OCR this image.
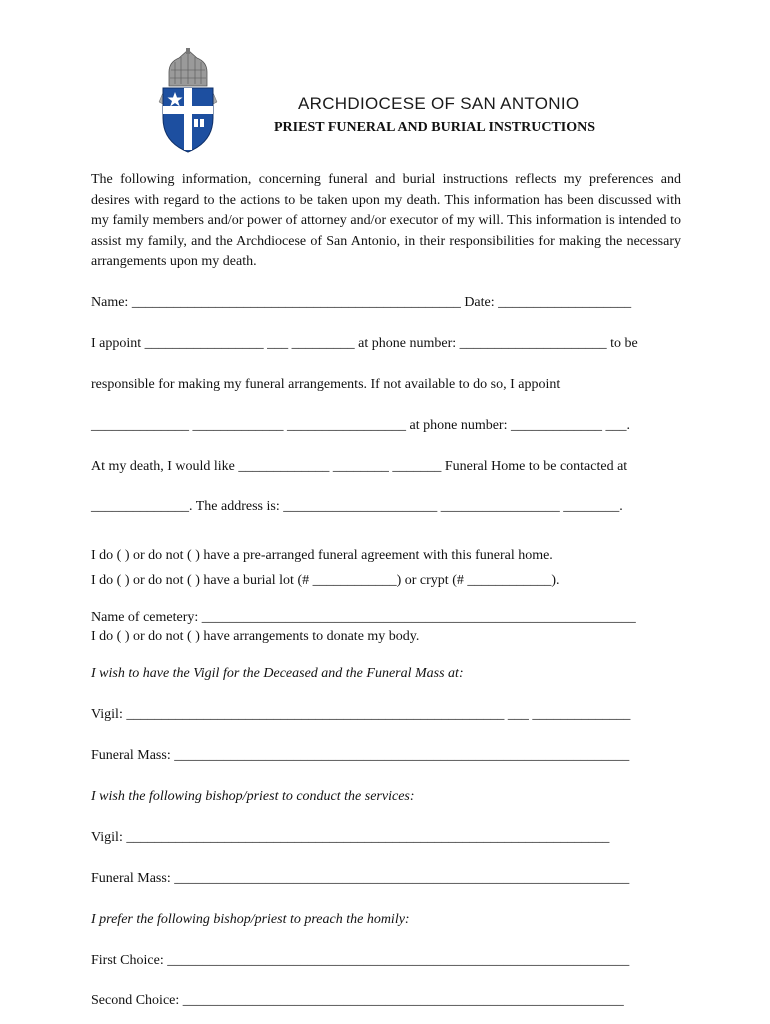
ARCHDIOCESE OF SAN ANTONIO
PRIEST FUNERAL AND BURIAL INSTRUCTIONS
The following information, concerning funeral and burial instructions reflects my preferences and desires with regard to the actions to be taken upon my death. This information has been discussed with my family members and/or power of attorney and/or executor of my will. This information is intended to assist my family, and the Archdiocese of San Antonio, in their responsibilities for making the necessary arrangements upon my death.
Name: _______________________________________________ Date: ___________________
I appoint _________________ ___ _________ at phone number: _____________________ to be
responsible for making my funeral arrangements. If not available to do so, I appoint
______________ _____________ _________________ at phone number: _____________ ___.
At my death, I would like _____________ ________ _______ Funeral Home to be contacted at
______________. The address is: ______________________ _________________ ________.
I do ( ) or do not ( ) have a pre-arranged funeral agreement with this funeral home.
I do ( ) or do not ( ) have a burial lot (# ____________) or crypt (# ____________).
Name of cemetery: ______________________________________________________________
I do ( ) or do not ( ) have arrangements to donate my body.
I wish to have the Vigil for the Deceased and the Funeral Mass at:
Vigil: ______________________________________________________ ___ ______________
Funeral Mass: _________________________________________________________________
I wish the following bishop/priest to conduct the services:
Vigil: _____________________________________________________________________
Funeral Mass: _________________________________________________________________
I prefer the following bishop/priest to preach the homily:
First Choice: __________________________________________________________________
Second Choice: _______________________________________________________________
